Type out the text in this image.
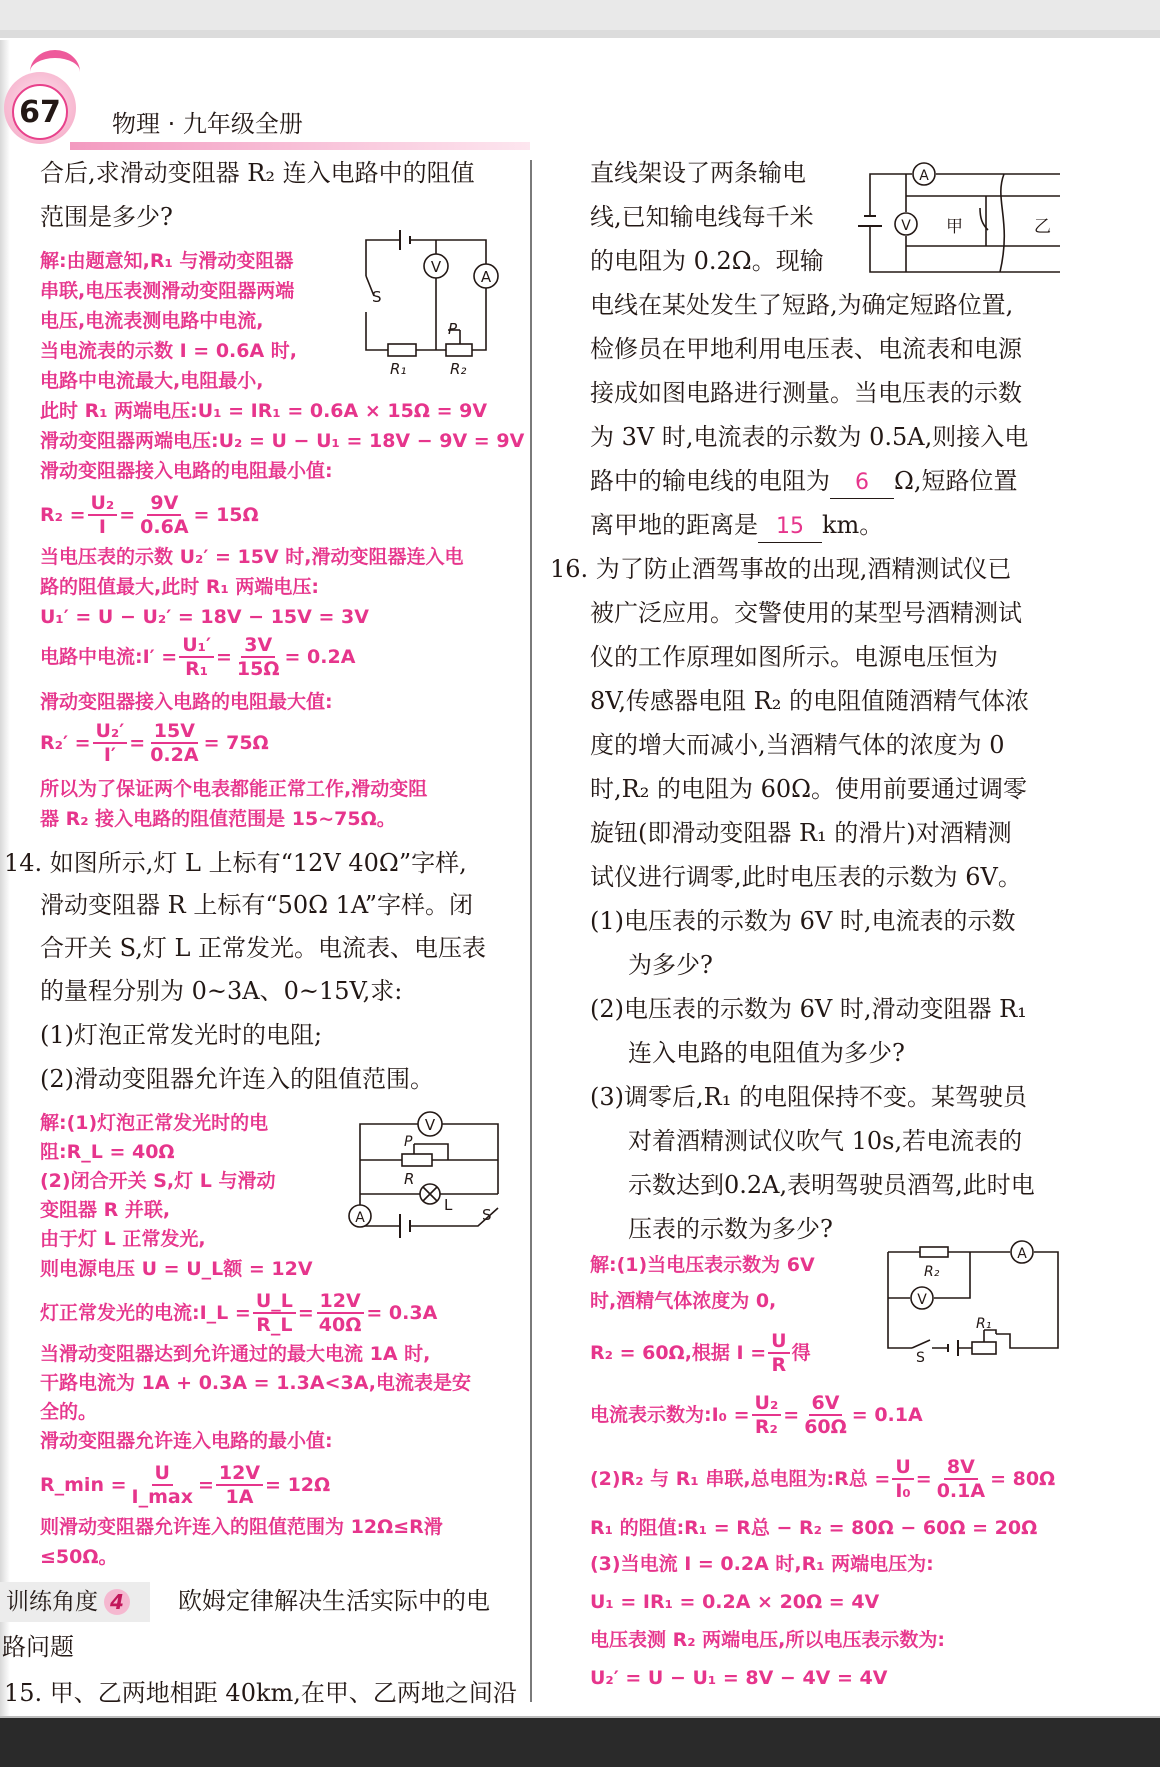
67 物理 · 九年级全册
合后,求滑动变阻器 R₂ 连入电路中的阻值
范围是多少?
解:由题意知,R₁ 与滑动变阻器
串联,电压表测滑动变阻器两端
电压,电流表测电路中电流,
当电流表的示数 I = 0.6A 时,
电路中电流最大,电阻最小,
此时 R₁ 两端电压:U₁ = IR₁ = 0.6A × 15Ω = 9V
滑动变阻器两端电压:U₂ = U − U₁ = 18V − 9V = 9V
滑动变阻器接入电路的电阻最小值:
$R_2 = \frac{\text{U₂}}{I} = \frac{9V}{0.6A} = 15\Omega$
当电压表的示数 U₂′ = 15V 时,滑动变阻器连入电
路的阻值最大,此时 R₁ 两端电压:
U₁′ = U − U₂′ = 18V − 15V = 3V
电路中电流:I′ = $\frac{\text{U₁′}}{\text{R₁}} = \frac{3V}{15\Omega} = 0.2A$
滑动变阻器接入电路的电阻最大值:
$R_2' = \frac{\text{U₂′}}{I'} = \frac{15V}{0.2A} = 75\Omega$
所以为了保证两个电表都能正常工作,滑动变阻
器 R₂ 接入电路的阻值范围是 15~75Ω。
14. 如图所示,灯 L 上标有“12V 40Ω”字样,
滑动变阻器 R 上标有“50Ω 1A”字样。闭
合开关 S,灯 L 正常发光。电流表、电压表
的量程分别为 0~3A、0~15V,求:
(1)灯泡正常发光时的电阻;
(2)滑动变阻器允许连入的阻值范围。
解:(1)灯泡正常发光时的电
阻:R_L = 40Ω
(2)闭合开关 S,灯 L 与滑动
变阻器 R 并联,
由于灯 L 正常发光,
则电源电压 U = U_L额 = 12V
灯正常发光的电流:I_L = $\frac{U\_L}{R\_L} = \frac{12V}{40\Omega} = 0.3A$
当滑动变阻器达到允许通过的最大电流 1A 时,
干路电流为 1A + 0.3A = 1.3A<3A,电流表是安
全的。
滑动变阻器允许连入电路的最小值:
R_min = $\frac{U}{I\_\max} = \frac{12V}{1A} = 12\Omega$
则滑动变阻器允许连入的阻值范围为 12Ω≤R滑
≤50Ω。
训练角度 4	欧姆定律解决生活实际中的电
路问题
15. 甲、乙两地相距 40km,在甲、乙两地之间沿
V
A
S
R₁	R₂
P
V
A
P
R
L
S
直线架设了两条输电
线,已知输电线每千米
的电阻为 0.2Ω。现输
电线在某处发生了短路,为确定短路位置,
检修员在甲地利用电压表、电流表和电源
接成如图电路进行测量。当电压表的示数
为 3V 时,电流表的示数为 0.5A,则接入电
路中的输电线的电阻为 6 Ω,短路位置
离甲地的距离是 15 km。
16. 为了防止酒驾事故的出现,酒精测试仪已
被广泛应用。交警使用的某型号酒精测试
仪的工作原理如图所示。电源电压恒为
8V,传感器电阻 R₂ 的电阻值随酒精气体浓
度的增大而减小,当酒精气体的浓度为 0
时,R₂ 的电阻为 60Ω。使用前要通过调零
旋钮(即滑动变阻器 R₁ 的滑片)对酒精测
试仪进行调零,此时电压表的示数为 6V。
(1)电压表的示数为 6V 时,电流表的示数
为多少?
(2)电压表的示数为 6V 时,滑动变阻器 R₁
连入电路的电阻值为多少?
(3)调零后,R₁ 的电阻保持不变。某驾驶员
对着酒精测试仪吹气 10s,若电流表的
示数达到0.2A,表明驾驶员酒驾,此时电
压表的示数为多少?
解:(1)当电压表示数为 6V
时,酒精气体浓度为 0,
R₂ = 60Ω,根据 $I = \frac{U}{R}$ 得
电流表示数为:I₀ = $\frac{\text{U₂}}{\text{R₂}} = \frac{6V}{60\Omega} = 0.1A$
(2)R₂ 与 R₁ 串联,总电阻为:R总 = $\frac{U}{\text{I₀}} = \frac{8V}{0.1A} = 80\Omega$
R₁ 的阻值:R₁ = R总 − R₂ = 80Ω − 60Ω = 20Ω
(3)当电流 I = 0.2A 时,R₁ 两端电压为:
U₁ = IR₁ = 0.2A × 20Ω = 4V
电压表测 R₂ 两端电压,所以电压表示数为:
U₂′ = U − U₁ = 8V − 4V = 4V
A
V 甲	乙
A
V
R₂
R₁
S
